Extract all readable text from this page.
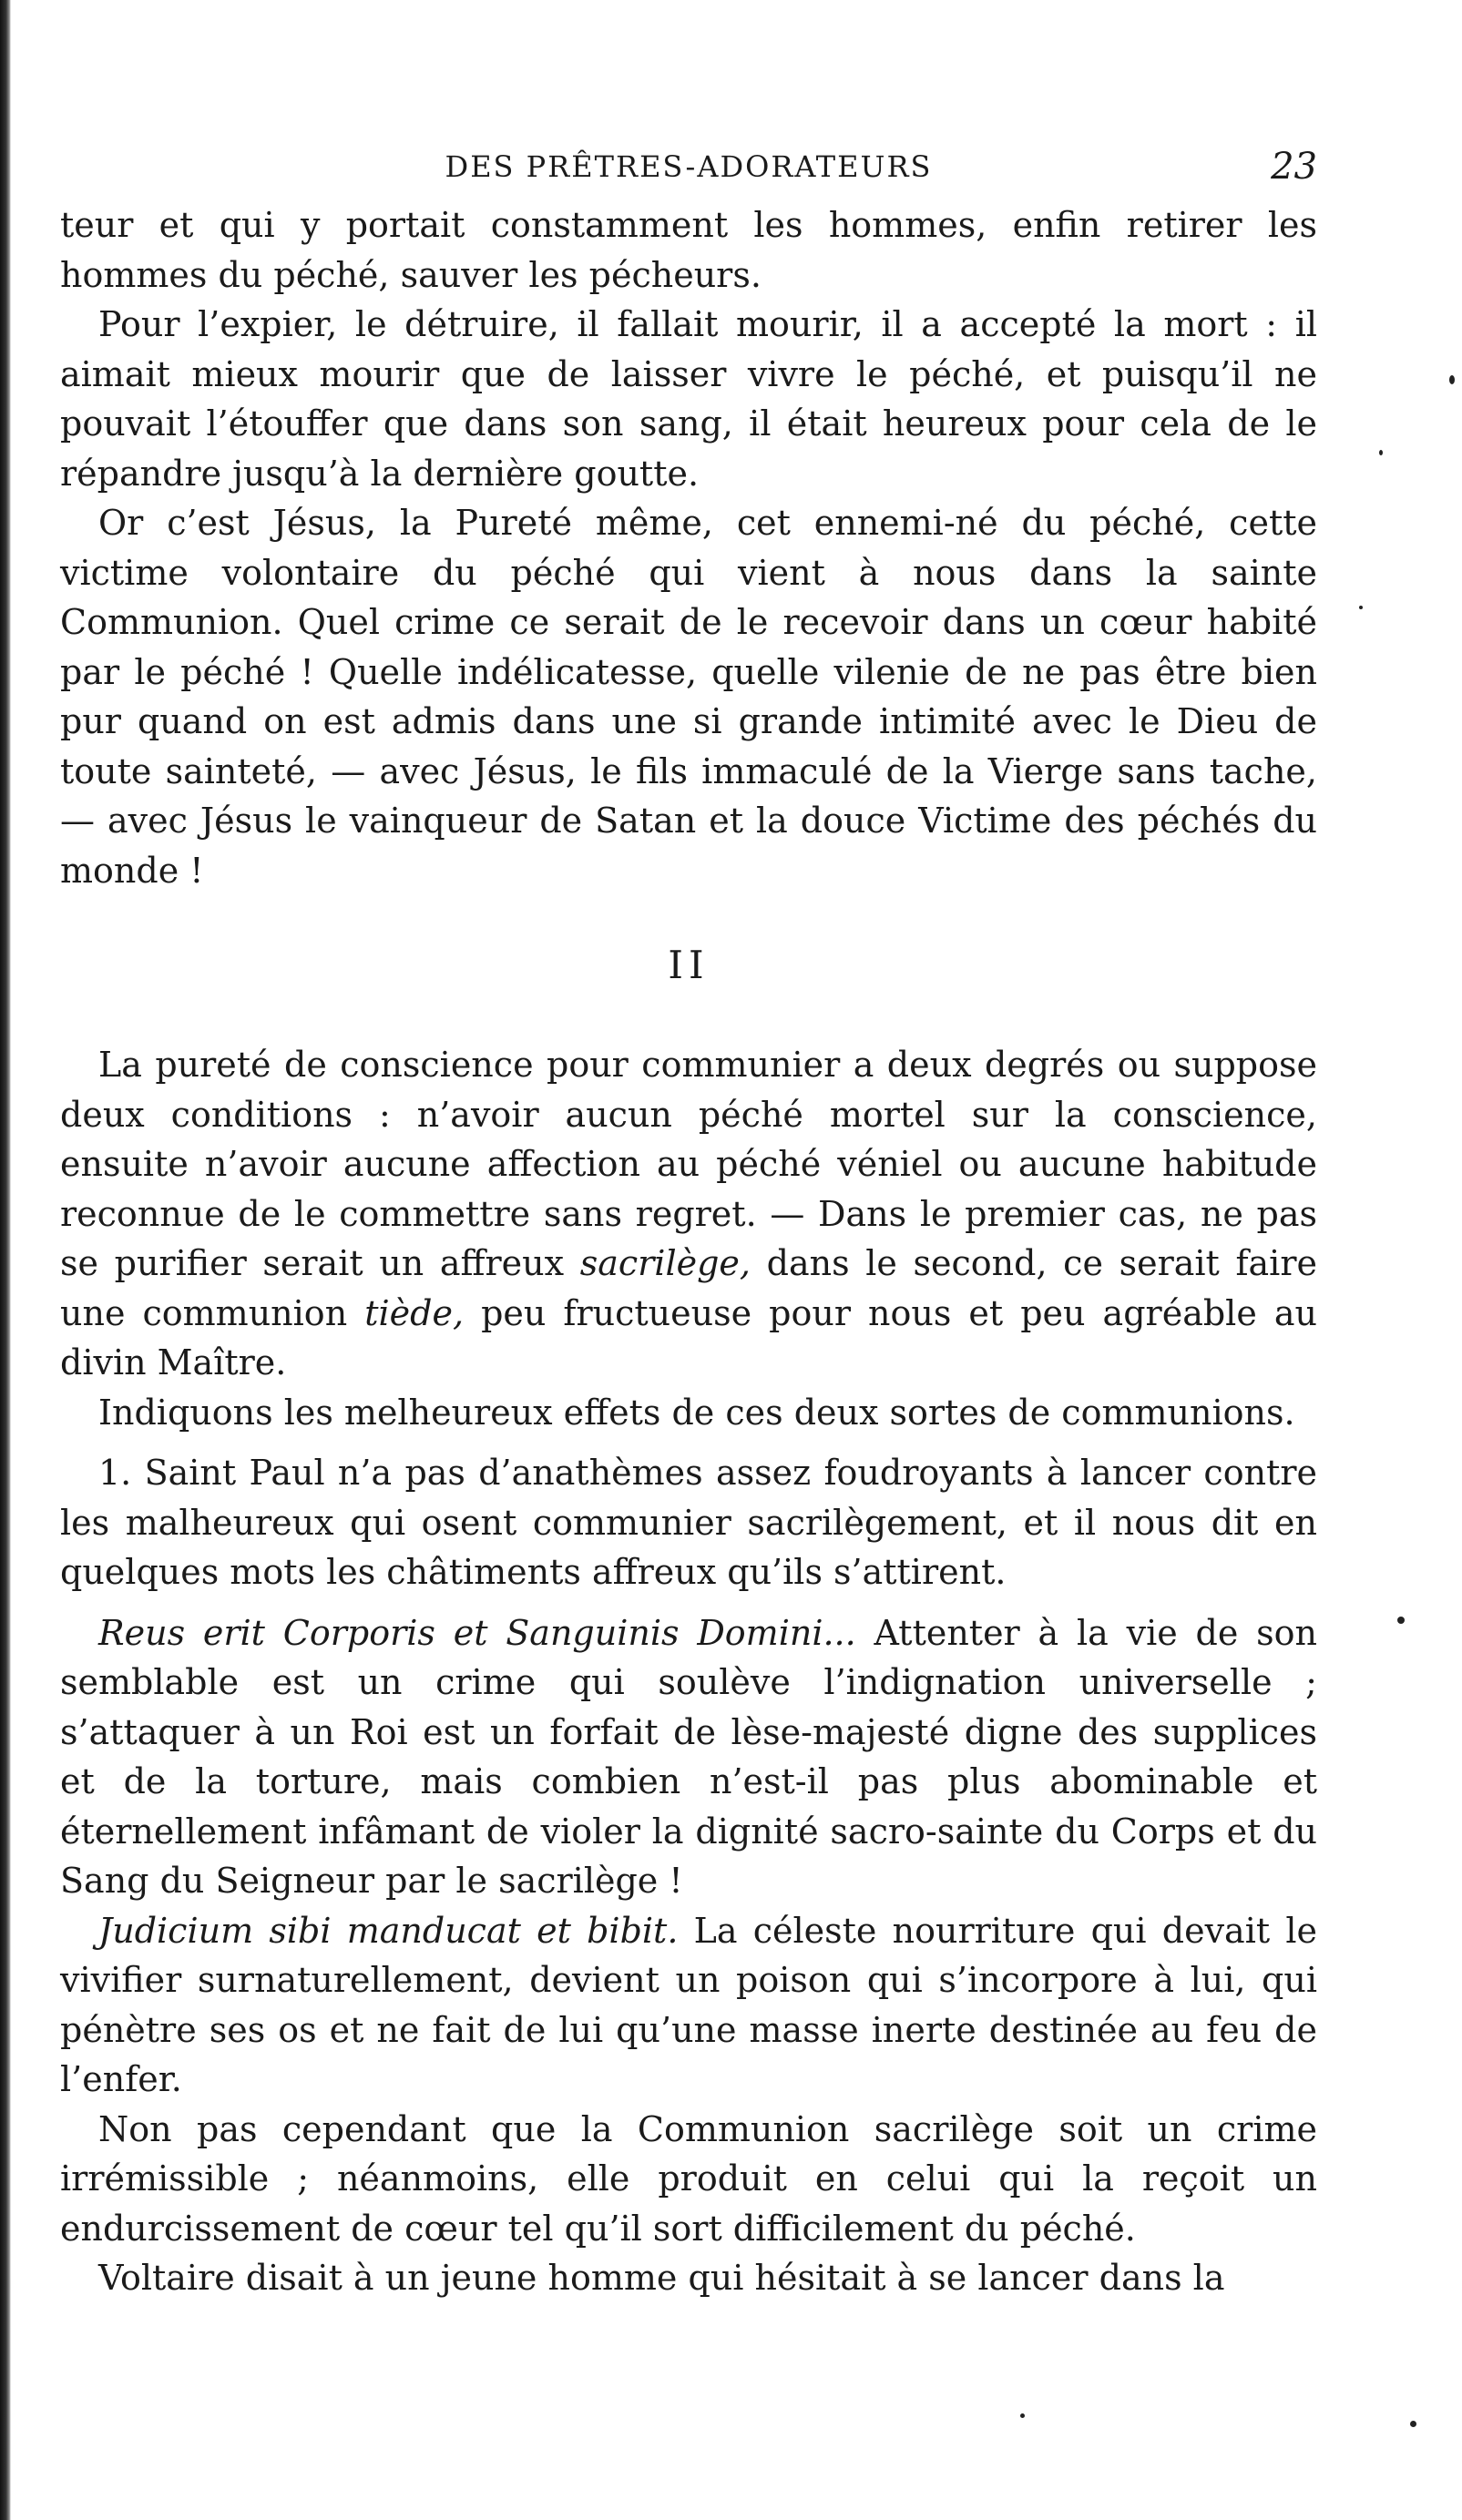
DES PRÊTRES-ADORATEURS	23

teur et qui y portait constamment les hommes, enfin retirer les hommes du péché, sauver les pécheurs.

Pour l’expier, le détruire, il fallait mourir, il a accepté la mort : il aimait mieux mourir que de laisser vivre le péché, et puisqu’il ne pouvait l’étouffer que dans son sang, il était heureux pour cela de le répandre jusqu’à la dernière goutte.

Or c’est Jésus, la Pureté même, cet ennemi-né du péché, cette victime volontaire du péché qui vient à nous dans la sainte Communion. Quel crime ce serait de le recevoir dans un cœur habité par le péché ! Quelle indélicatesse, quelle vilenie de ne pas être bien pur quand on est admis dans une si grande intimité avec le Dieu de toute sainteté, — avec Jésus, le fils immaculé de la Vierge sans tache, — avec Jésus le vainqueur de Satan et la douce Victime des péchés du monde !

II

La pureté de conscience pour communier a deux degrés ou suppose deux conditions : n’avoir aucun péché mortel sur la conscience, ensuite n’avoir aucune affection au péché véniel ou aucune habitude reconnue de le commettre sans regret. — Dans le premier cas, ne pas se purifier serait un affreux sacrilège, dans le second, ce serait faire une communion tiède, peu fructueuse pour nous et peu agréable au divin Maître.

Indiquons les melheureux effets de ces deux sortes de communions.

1. Saint Paul n’a pas d’anathèmes assez foudroyants à lancer contre les malheureux qui osent communier sacrilègement, et il nous dit en quelques mots les châtiments affreux qu’ils s’attirent.

Reus erit Corporis et Sanguinis Domini... Attenter à la vie de son semblable est un crime qui soulève l’indignation universelle ; s’attaquer à un Roi est un forfait de lèse-majesté digne des supplices et de la torture, mais combien n’est-il pas plus abominable et éternellement infâmant de violer la dignité sacro-sainte du Corps et du Sang du Seigneur par le sacrilège !

Judicium sibi manducat et bibit. La céleste nourriture qui devait le vivifier surnaturellement, devient un poison qui s’incorpore à lui, qui pénètre ses os et ne fait de lui qu’une masse inerte destinée au feu de l’enfer.

Non pas cependant que la Communion sacrilège soit un crime irrémissible ; néanmoins, elle produit en celui qui la reçoit un endurcissement de cœur tel qu’il sort difficilement du péché.

Voltaire disait à un jeune homme qui hésitait à se lancer dans la
